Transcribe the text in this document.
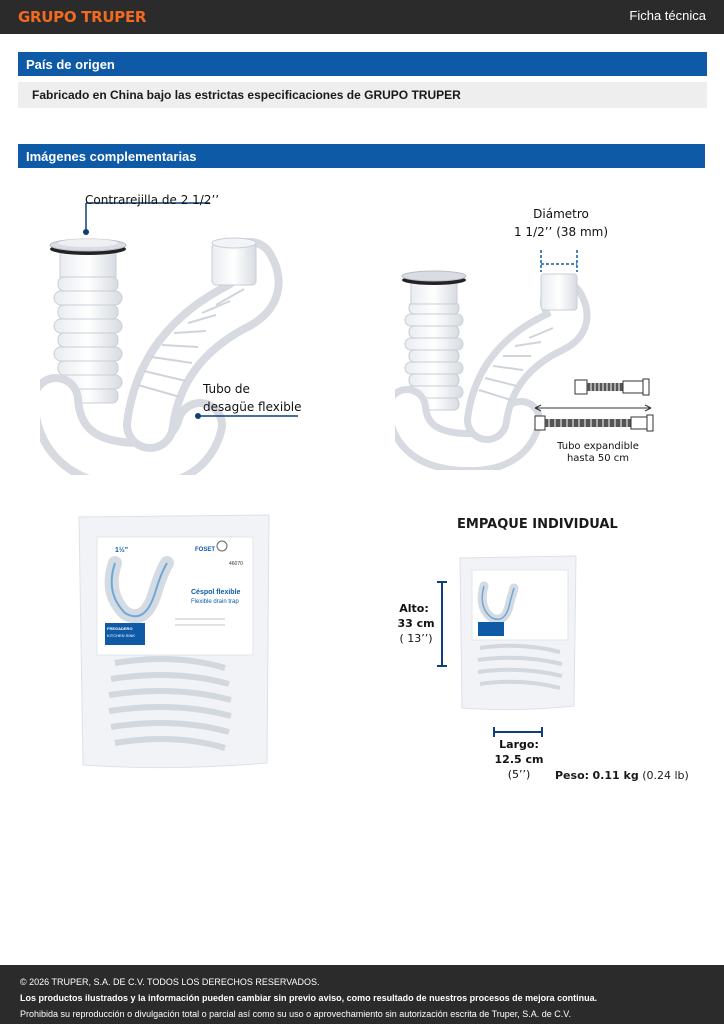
GRUPO TRUPER	Ficha técnica
País de origen
Fabricado en China bajo las estrictas especificaciones de GRUPO TRUPER
Imágenes complementarias
Contrarejilla de 2 1/2’’
Tubo de
desagüe flexible
Diámetro
1 1/2’’ (38 mm)
Tubo expandible
hasta 50 cm
1½"	FOSET
46070
Céspol flexible
Flexible drain trap
FREGADERO
KITCHEN SINK
EMPAQUE INDIVIDUAL
Alto:
33 cm
( 13’’)
Largo:
12.5 cm
(5’’)	Peso: 0.11 kg (0.24 lb)
© 2026 TRUPER, S.A. DE C.V. TODOS LOS DERECHOS RESERVADOS.
Los productos ilustrados y la información pueden cambiar sin previo aviso, como resultado de nuestros procesos de mejora continua.
Prohibida su reproducción o divulgación total o parcial así como su uso o aprovechamiento sin autorización escrita de Truper, S.A. de C.V.
